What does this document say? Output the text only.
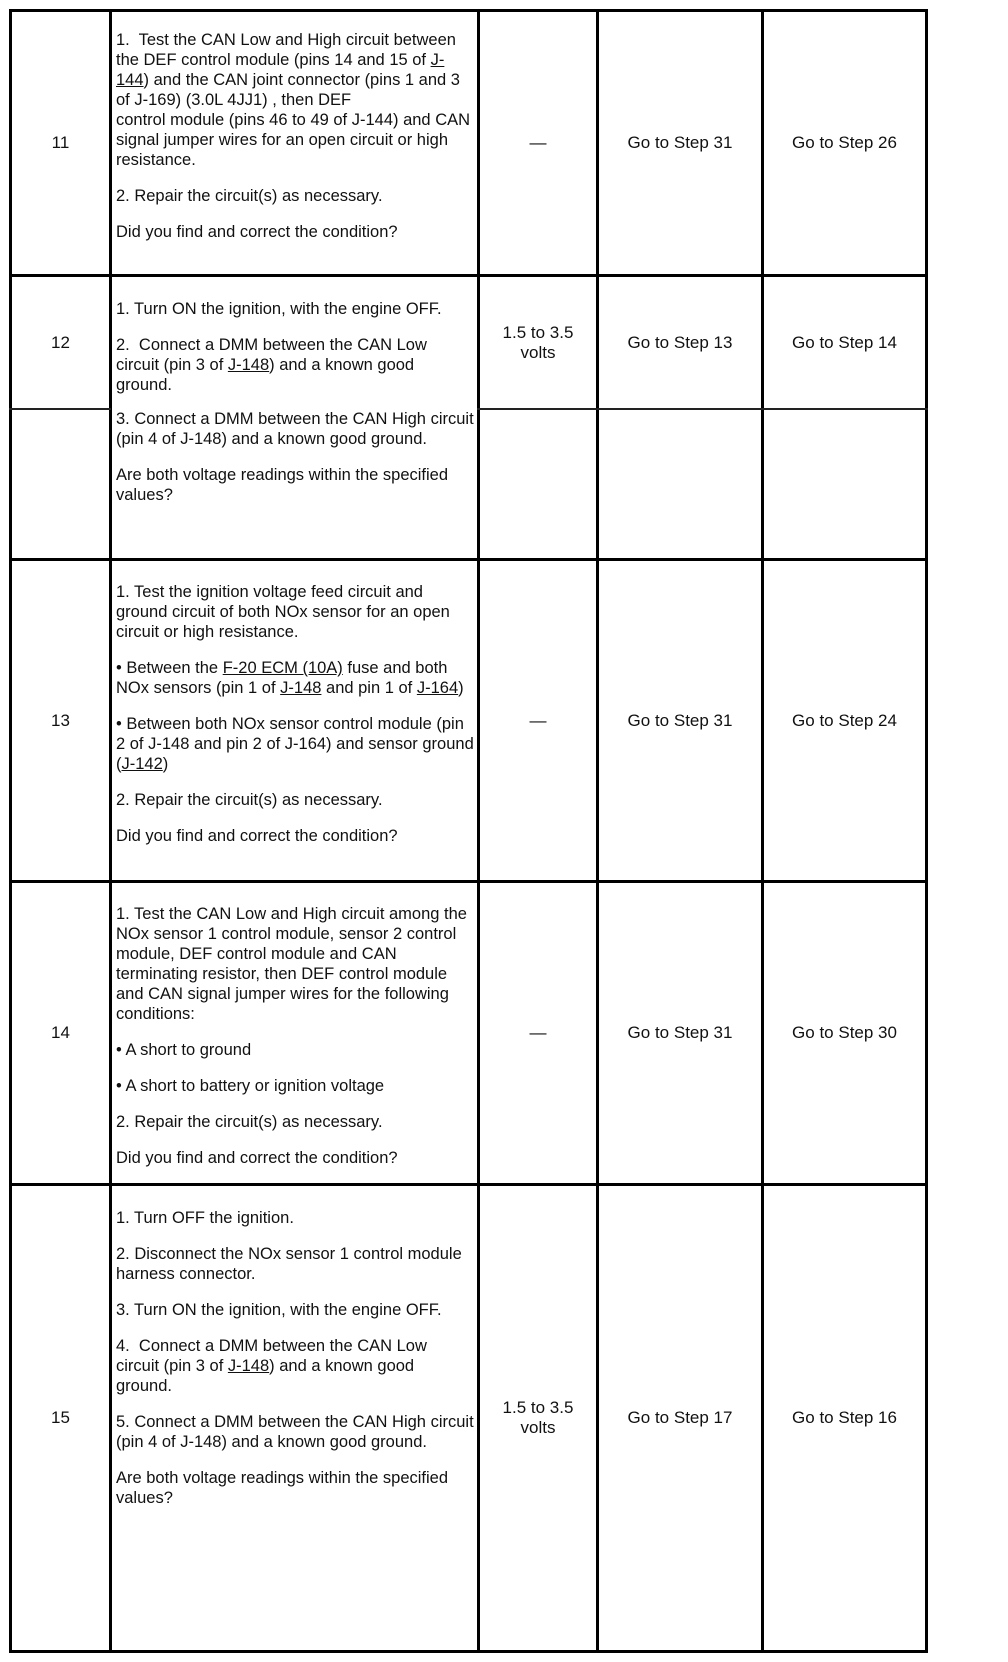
11

1.  Test the CAN Low and High circuit between the DEF control module (pins 14 and 15 of J-144) and the CAN joint connector (pins 1 and 3 of J-169) (3.0L 4JJ1) , then DEF
control module (pins 46 to 49 of J-144) and CAN signal jumper wires for an open circuit or high resistance.

2. Repair the circuit(s) as necessary.

Did you find and correct the condition?

—	Go to Step 31	Go to Step 26
12

1. Turn ON the ignition, with the engine OFF.

2.  Connect a DMM between the CAN Low circuit (pin 3 of J-148) and a known good ground.

3. Connect a DMM between the CAN High circuit (pin 4 of J-148) and a known good ground.

Are both voltage readings within the specified values?

1.5 to 3.5 volts
Go to Step 13	Go to Step 14
13

1. Test the ignition voltage feed circuit and ground circuit of both NOx sensor for an open circuit or high resistance.

• Between the F-20 ECM (10A) fuse and both NOx sensors (pin 1 of J-148 and pin 1 of J-164)

• Between both NOx sensor control module (pin 2 of J-148 and pin 2 of J-164) and sensor ground (J-142)

2. Repair the circuit(s) as necessary.

Did you find and correct the condition?

—	Go to Step 31	Go to Step 24
14

1. Test the CAN Low and High circuit among the NOx sensor 1 control module, sensor 2 control module, DEF control module and CAN terminating resistor, then DEF control module and CAN signal jumper wires for the following conditions:

• A short to ground

• A short to battery or ignition voltage

2. Repair the circuit(s) as necessary.

Did you find and correct the condition?

—	Go to Step 31	Go to Step 30
15

1. Turn OFF the ignition.

2. Disconnect the NOx sensor 1 control module harness connector.

3. Turn ON the ignition, with the engine OFF.

4.  Connect a DMM between the CAN Low circuit (pin 3 of J-148) and a known good ground.

5. Connect a DMM between the CAN High circuit (pin 4 of J-148) and a known good ground.

Are both voltage readings within the specified values?

1.5 to 3.5 volts
Go to Step 17	Go to Step 16
